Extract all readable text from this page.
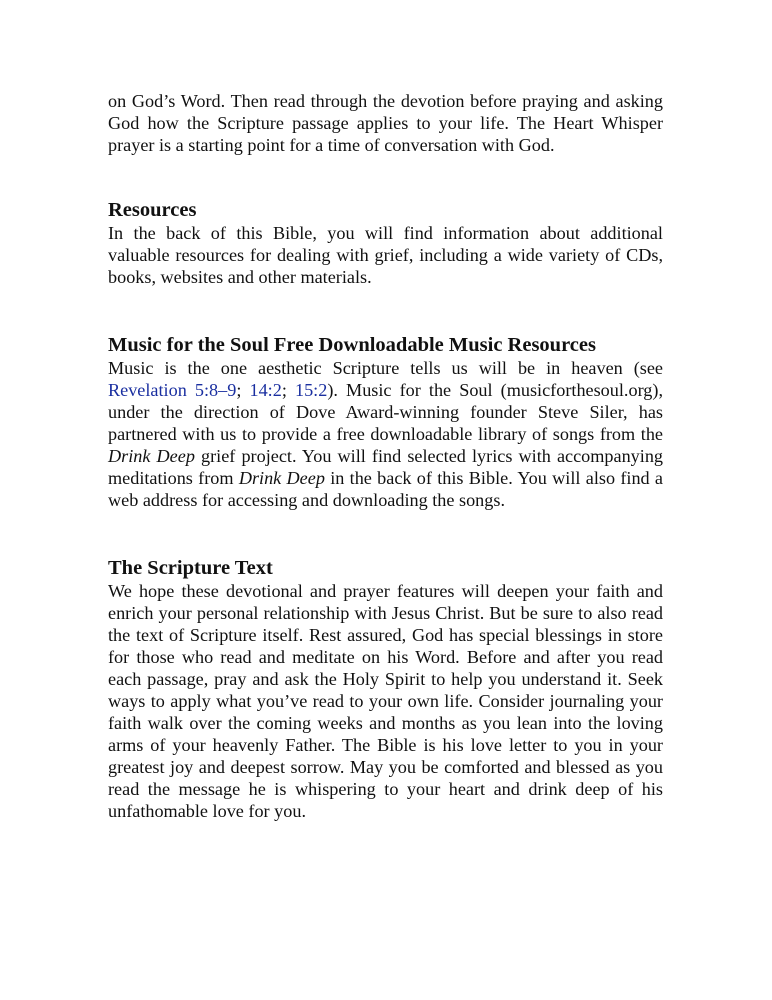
on God’s Word. Then read through the devotion before praying and asking God how the Scripture passage applies to your life. The Heart Whisper prayer is a starting point for a time of conversation with God.

Resources

In the back of this Bible, you will find information about additional valuable resources for dealing with grief, including a wide variety of CDs, books, websites and other materials.

Music for the Soul Free Downloadable Music Resources

Music is the one aesthetic Scripture tells us will be in heaven (see Revelation 5:8–9; 14:2; 15:2). Music for the Soul (musicforthesoul.org), under the direction of Dove Award-winning founder Steve Siler, has partnered with us to provide a free downloadable library of songs from the Drink Deep grief project. You will find selected lyrics with accompanying meditations from Drink Deep in the back of this Bible. You will also find a web address for accessing and downloading the songs.

The Scripture Text

We hope these devotional and prayer features will deepen your faith and enrich your personal relationship with Jesus Christ. But be sure to also read the text of Scripture itself. Rest assured, God has special blessings in store for those who read and meditate on his Word. Before and after you read each passage, pray and ask the Holy Spirit to help you understand it. Seek ways to apply what you’ve read to your own life. Consider journaling your faith walk over the coming weeks and months as you lean into the loving arms of your heavenly Father. The Bible is his love letter to you in your greatest joy and deepest sorrow. May you be comforted and blessed as you read the message he is whispering to your heart and drink deep of his unfathomable love for you.
